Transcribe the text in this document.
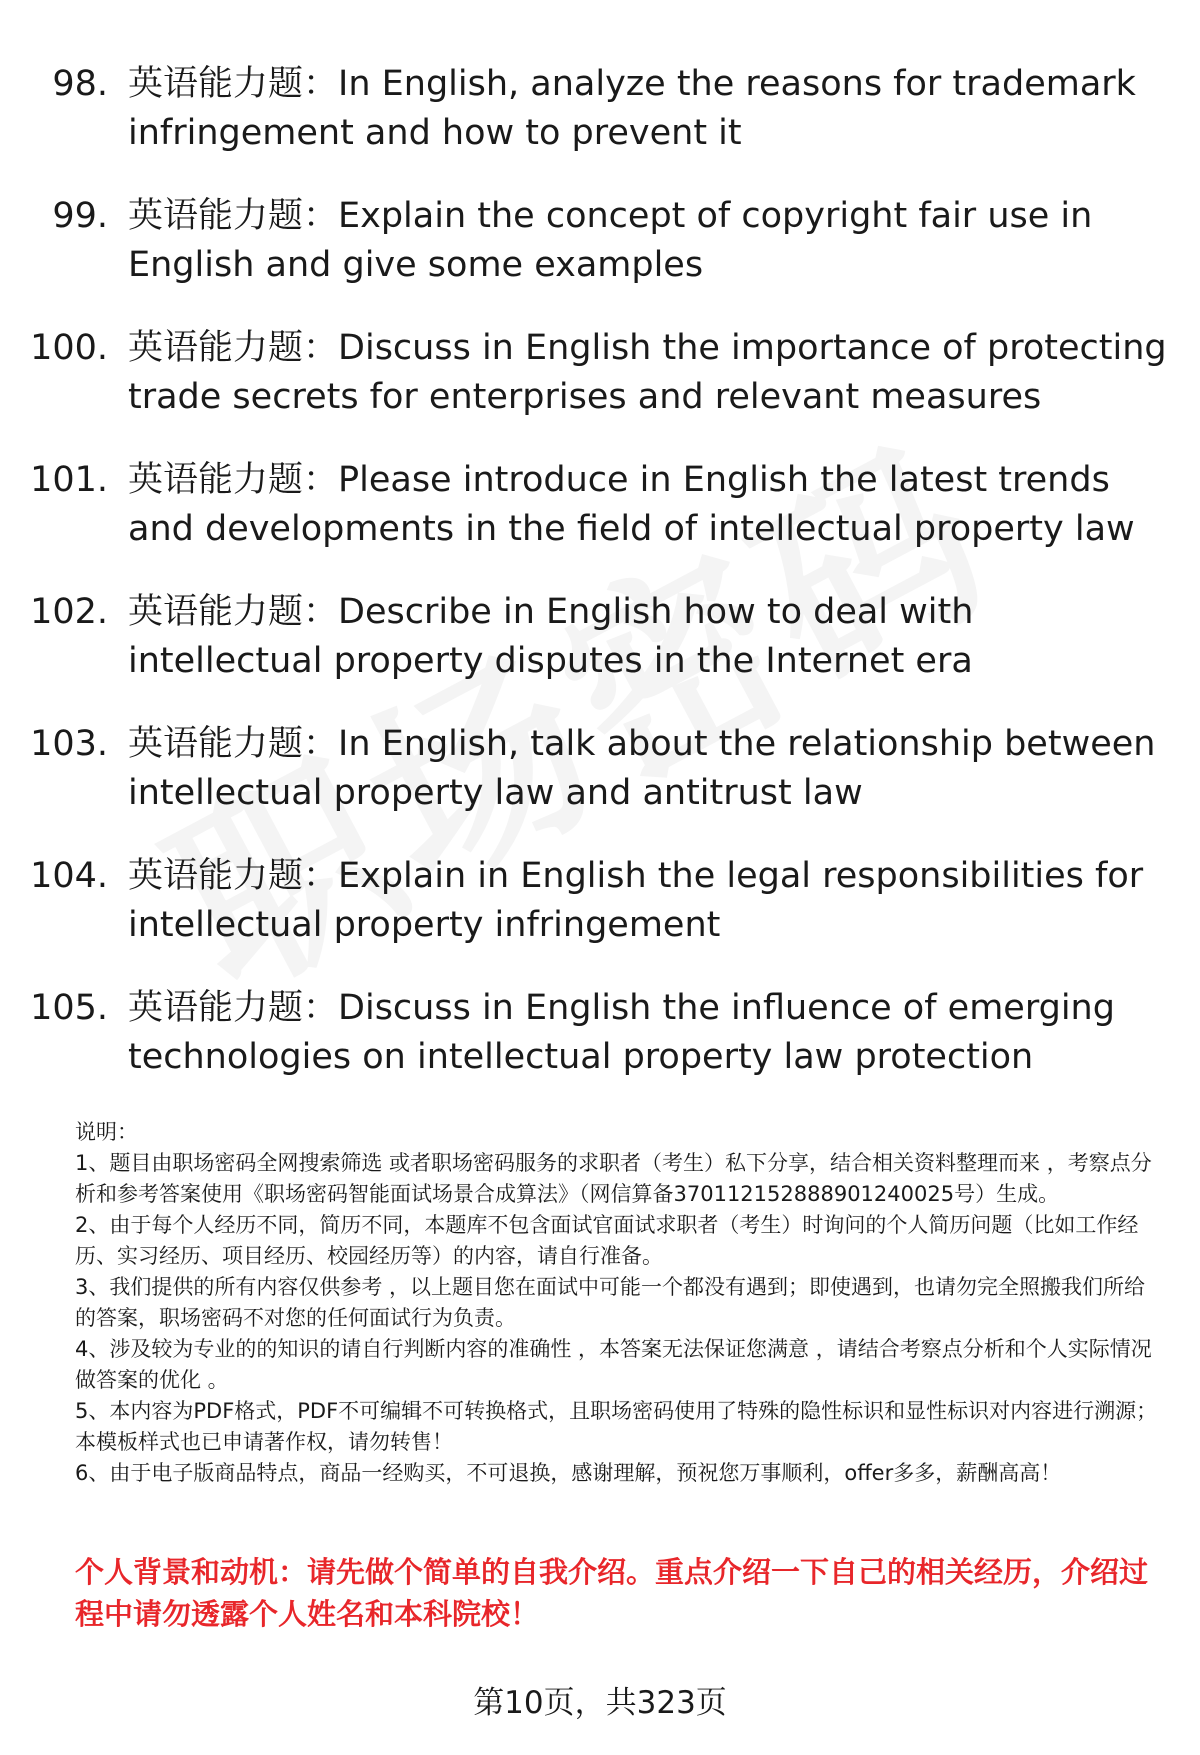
98. 英语能力题：In English, analyze the reasons for trademark infringement and how to prevent it
99. 英语能力题：Explain the concept of copyright fair use in English and give some examples
100. 英语能力题：Discuss in English the importance of protecting trade secrets for enterprises and relevant measures
101. 英语能力题：Please introduce in English the latest trends and developments in the field of intellectual property law
102. 英语能力题：Describe in English how to deal with intellectual property disputes in the Internet era
103. 英语能力题：In English, talk about the relationship between intellectual property law and antitrust law
104. 英语能力题：Explain in English the legal responsibilities for intellectual property infringement
105. 英语能力题：Discuss in English the influence of emerging technologies on intellectual property law protection
说明：
1、题目由职场密码全网搜索筛选 或者职场密码服务的求职者（考生）私下分享，结合相关资料整理而来 ，考察点分析和参考答案使用《职场密码智能面试场景合成算法》（网信算备370112152888901240025号）生成。
2、由于每个人经历不同，简历不同，本题库不包含面试官面试求职者（考生）时询问的个人简历问题（比如工作经历、实习经历、项目经历、校园经历等）的内容，请自行准备。
3、我们提供的所有内容仅供参考 ，以上题目您在面试中可能一个都没有遇到；即使遇到，也请勿完全照搬我们所给的答案，职场密码不对您的任何面试行为负责。
4、涉及较为专业的的知识的请自行判断内容的准确性 ，本答案无法保证您满意 ，请结合考察点分析和个人实际情况做答案的优化 。
5、本内容为PDF格式，PDF不可编辑不可转换格式，且职场密码使用了特殊的隐性标识和显性标识对内容进行溯源；本模板样式也已申请著作权，请勿转售！
6、由于电子版商品特点，商品一经购买，不可退换，感谢理解，预祝您万事顺利，offer多多，薪酬高高！
个人背景和动机：请先做个简单的自我介绍。重点介绍一下自己的相关经历，介绍过程中请勿透露个人姓名和本科院校！
第10页，共323页
